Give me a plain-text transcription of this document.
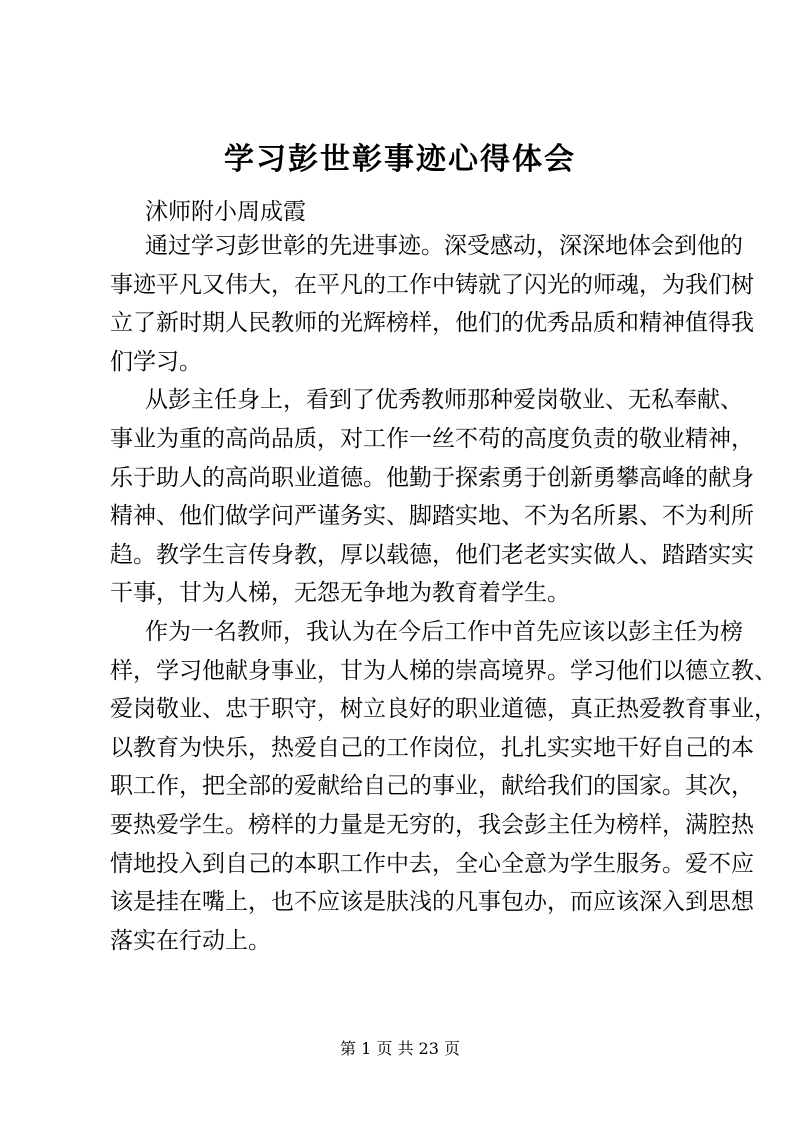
学习彭世彰事迹心得体会

沭师附小周成霞

通过学习彭世彰的先进事迹。深受感动，深深地体会到他的
事迹平凡又伟大，在平凡的工作中铸就了闪光的师魂，为我们树
立了新时期人民教师的光辉榜样，他们的优秀品质和精神值得我
们学习。

从彭主任身上，看到了优秀教师那种爱岗敬业、无私奉献、
事业为重的高尚品质，对工作一丝不苟的高度负责的敬业精神，
乐于助人的高尚职业道德。他勤于探索勇于创新勇攀高峰的献身
精神、他们做学问严谨务实、脚踏实地、不为名所累、不为利所
趋。教学生言传身教，厚以载德，他们老老实实做人、踏踏实实
干事，甘为人梯，无怨无争地为教育着学生。

作为一名教师，我认为在今后工作中首先应该以彭主任为榜
样，学习他献身事业，甘为人梯的崇高境界。学习他们以德立教、
爱岗敬业、忠于职守，树立良好的职业道德，真正热爱教育事业，
以教育为快乐，热爱自己的工作岗位，扎扎实实地干好自己的本
职工作，把全部的爱献给自己的事业，献给我们的国家。其次，
要热爱学生。榜样的力量是无穷的，我会彭主任为榜样，满腔热
情地投入到自己的本职工作中去，全心全意为学生服务。爱不应
该是挂在嘴上，也不应该是肤浅的凡事包办，而应该深入到思想
落实在行动上。

第 1 页 共 23 页
